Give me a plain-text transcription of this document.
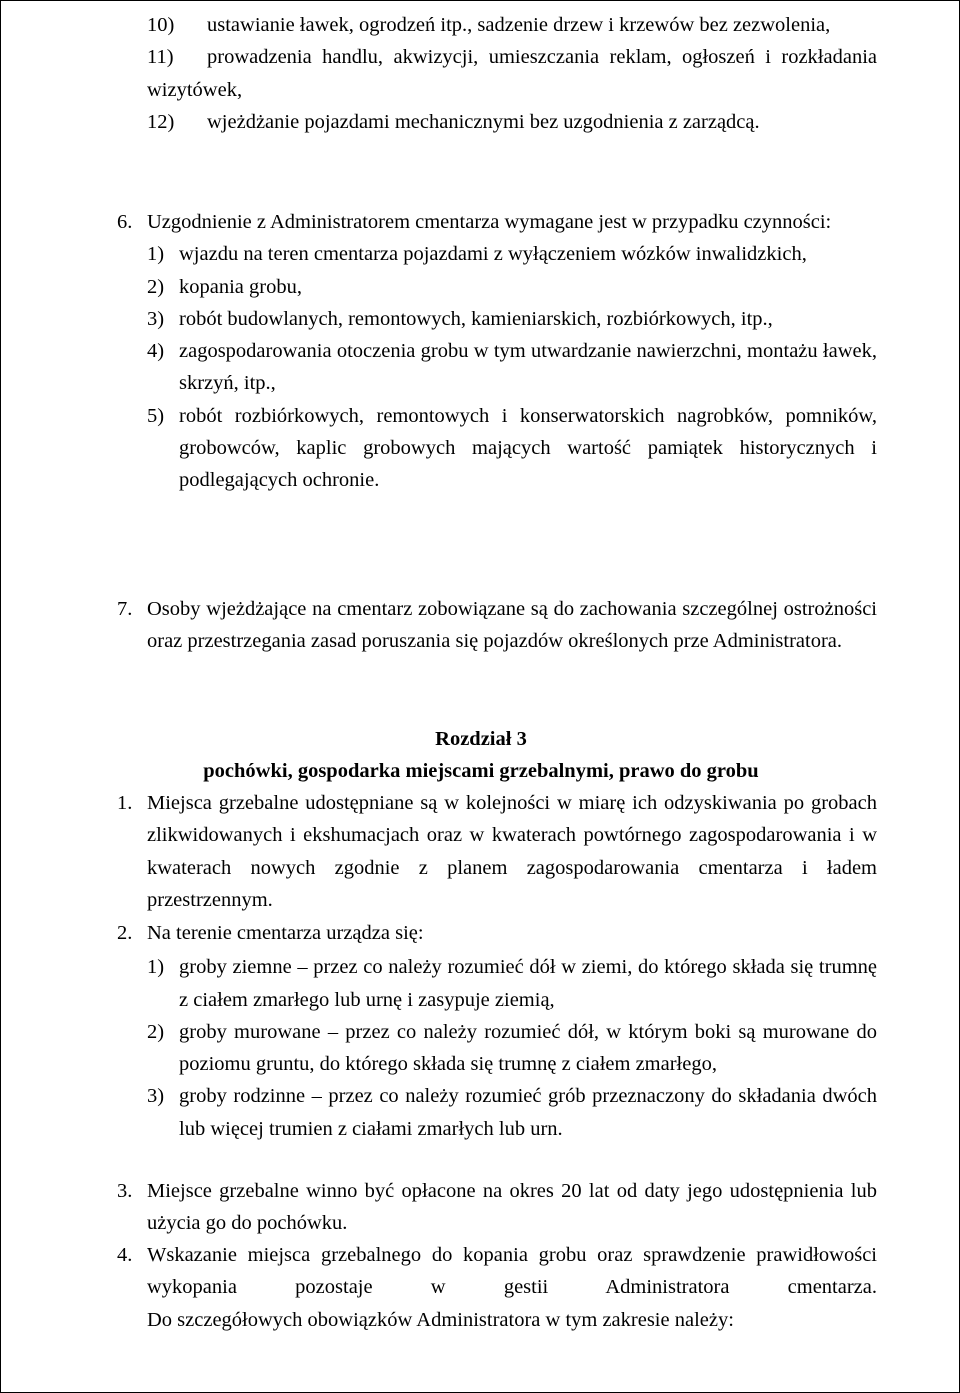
10)	ustawianie ławek, ogrodzeń itp., sadzenie drzew i krzewów bez zezwolenia,
11)	prowadzenia handlu, akwizycji, umieszczania reklam, ogłoszeń i rozkładania wizytówek,
12) wjeżdżanie pojazdami mechanicznymi bez uzgodnienia z zarządcą.
6. Uzgodnienie z Administratorem cmentarza wymagane jest w przypadku czynności:
1) wjazdu na teren cmentarza pojazdami z wyłączeniem wózków inwalidzkich,
2) kopania grobu,
3) robót budowlanych, remontowych, kamieniarskich, rozbiórkowych, itp.,
4) zagospodarowania otoczenia grobu w tym utwardzanie nawierzchni, montażu ławek, skrzyń, itp.,
5) robót rozbiórkowych, remontowych i konserwatorskich nagrobków, pomników, grobowców, kaplic grobowych mających wartość pamiątek historycznych i podlegających ochronie.
7. Osoby wjeżdżające na cmentarz zobowiązane są do zachowania szczególnej ostrożności oraz przestrzegania zasad poruszania się pojazdów określonych prze Administratora.
Rozdział 3
pochówki, gospodarka miejscami grzebalnymi, prawo do grobu
1. Miejsca grzebalne udostępniane są w kolejności w miarę ich odzyskiwania po grobach zlikwidowanych i ekshumacjach oraz w kwaterach powtórnego zagospodarowania i w kwaterach nowych zgodnie z planem zagospodarowania cmentarza i ładem przestrzennym.
2. Na terenie cmentarza urządza się:
1) groby ziemne – przez co należy rozumieć dół w ziemi, do którego składa się trumnę z ciałem zmarłego lub urnę i zasypuje ziemią,
2) groby murowane – przez co należy rozumieć dół, w którym boki są murowane do poziomu gruntu, do którego składa się trumnę z ciałem zmarłego,
3) groby rodzinne – przez co należy rozumieć grób przeznaczony do składania dwóch lub więcej trumien z ciałami zmarłych lub urn.
3. Miejsce grzebalne winno być opłacone na okres 20 lat od daty jego udostępnienia lub użycia go do pochówku.
4. Wskazanie miejsca grzebalnego do kopania grobu oraz sprawdzenie prawidłowości wykopania pozostaje w gestii Administratora cmentarza.
Do szczegółowych obowiązków Administratora w tym zakresie należy:
